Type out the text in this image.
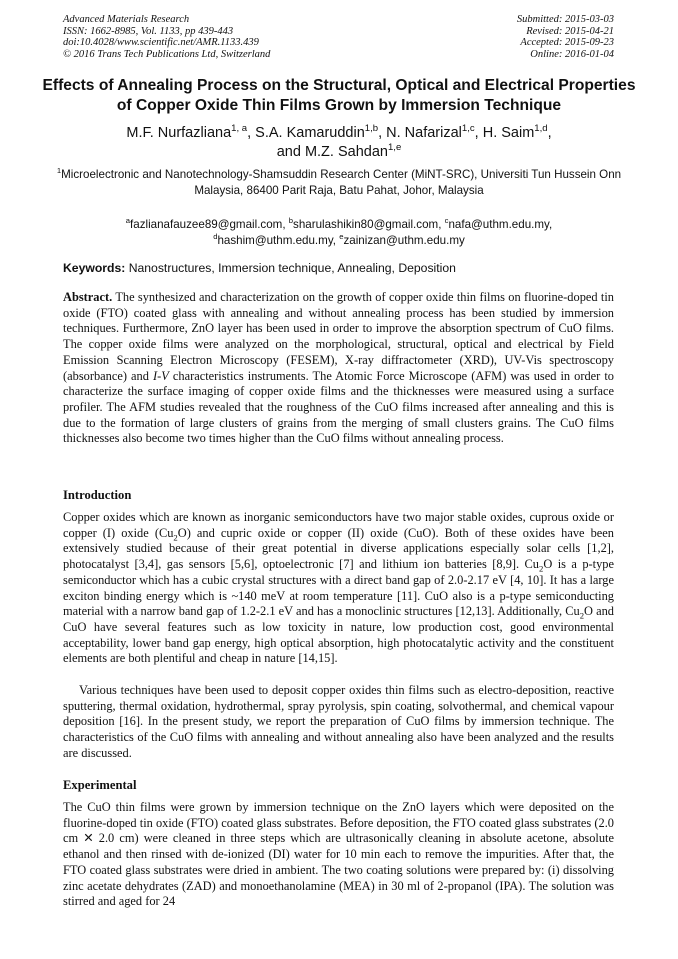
Advanced Materials Research
ISSN: 1662-8985, Vol. 1133, pp 439-443
doi:10.4028/www.scientific.net/AMR.1133.439
© 2016 Trans Tech Publications Ltd, Switzerland
Submitted: 2015-03-03
Revised: 2015-04-21
Accepted: 2015-09-23
Online: 2016-01-04
Effects of Annealing Process on the Structural, Optical and Electrical Properties of Copper Oxide Thin Films Grown by Immersion Technique
M.F. Nurfazliana$^{1, a}$, S.A. Kamaruddin$^{1,b}$, N. Nafarizal$^{1,c}$, H. Saim$^{1,d}$,
and M.Z. Sahdan$^{1,e}$
$^1$Microelectronic and Nanotechnology-Shamsuddin Research Center (MiNT-SRC), Universiti Tun Hussein Onn Malaysia, 86400 Parit Raja, Batu Pahat, Johor, Malaysia
$^a$fazlianafauzee89@gmail.com, $^b$sharulashikin80@gmail.com, $^c$nafa@uthm.edu.my,
$^d$hashim@uthm.edu.my, $^e$zainizan@uthm.edu.my
Keywords: Nanostructures, Immersion technique, Annealing, Deposition

Abstract. The synthesized and characterization on the growth of copper oxide thin films on fluorine-doped tin oxide (FTO) coated glass with annealing and without annealing process has been studied by immersion techniques. Furthermore, ZnO layer has been used in order to improve the absorption spectrum of CuO films. The copper oxide films were analyzed on the morphological, structural, optical and electrical by Field Emission Scanning Electron Microscopy (FESEM), X-ray diffractometer (XRD), UV-Vis spectroscopy (absorbance) and I-V characteristics instruments. The Atomic Force Microscope (AFM) was used in order to characterize the surface imaging of copper oxide films and the thicknesses were measured using a surface profiler. The AFM studies revealed that the roughness of the CuO films increased after annealing and this is due to the formation of large clusters of grains from the merging of small clusters grains. The CuO films thicknesses also become two times higher than the CuO films without annealing process.

Introduction

Copper oxides which are known as inorganic semiconductors have two major stable oxides, cuprous oxide or copper (I) oxide $(Cu_2O)$ and cupric oxide or copper (II) oxide (CuO). Both of these oxides have been extensively studied because of their great potential in diverse applications especially solar cells [1,2], photocatalyst [3,4], gas sensors [5,6], optoelectronic [7] and lithium ion batteries [8,9]. $Cu_2O$ is a p-type semiconductor which has a cubic crystal structures with a direct band gap of 2.0-2.17 eV [4, 10]. It has a large exciton binding energy which is ~140 meV at room temperature [11]. CuO also is a p-type semiconducting material with a narrow band gap of 1.2-2.1 eV and has a monoclinic structures [12,13]. Additionally, $Cu_2O$ and CuO have several features such as low toxicity in nature, low production cost, good environmental acceptability, lower band gap energy, high optical absorption, high photocatalytic activity and the constituent elements are both plentiful and cheap in nature [14,15].

Various techniques have been used to deposit copper oxides thin films such as electro-deposition, reactive sputtering, thermal oxidation, hydrothermal, spray pyrolysis, spin coating, solvothermal, and chemical vapour deposition [16]. In the present study, we report the preparation of CuO films by immersion technique. The characteristics of the CuO films with annealing and without annealing also have been analyzed and the results are discussed.

Experimental

The CuO thin films were grown by immersion technique on the ZnO layers which were deposited on the fluorine-doped tin oxide (FTO) coated glass substrates. Before deposition, the FTO coated glass substrates (2.0 cm ✕ 2.0 cm) were cleaned in three steps which are ultrasonically cleaning in absolute acetone, absolute ethanol and then rinsed with de-ionized (DI) water for 10 min each to remove the impurities. After that, the FTO coated glass substrates were dried in ambient. The two coating solutions were prepared by: (i) dissolving zinc acetate dehydrates (ZAD) and monoethanolamine (MEA) in 30 ml of 2-propanol (IPA). The solution was stirred and aged for 24
